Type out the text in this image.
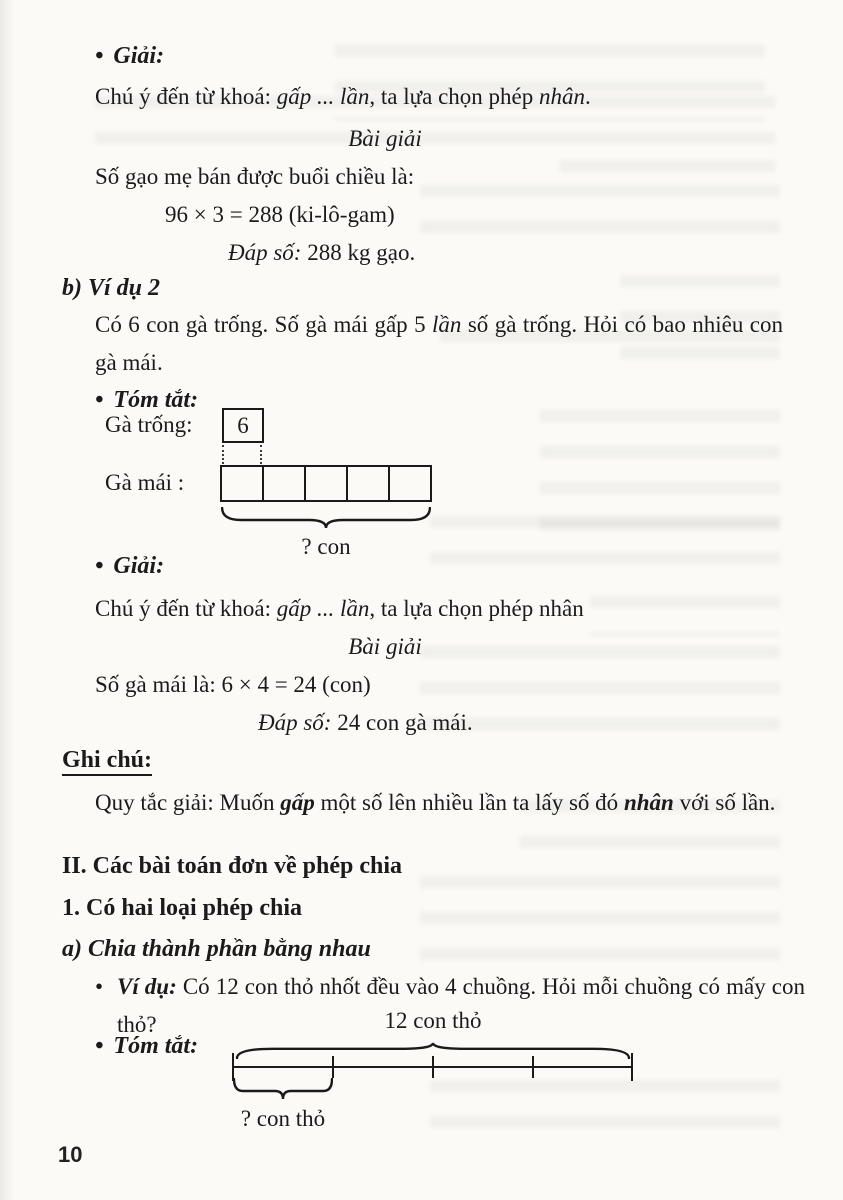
• Giải:
Chú ý đến từ khoá: gấp ... lần, ta lựa chọn phép nhân.
Bài giải
Số gạo mẹ bán được buổi chiều là:
96 × 3 = 288 (ki-lô-gam)
Đáp số: 288 kg gạo.
b) Ví dụ 2
Có 6 con gà trống. Số gà mái gấp 5 lần số gà trống. Hỏi có bao nhiêu con gà mái.
• Tóm tắt:
Gà trống:	6
Gà mái :
? con
• Giải:
Chú ý đến từ khoá: gấp ... lần, ta lựa chọn phép nhân
Bài giải
Số gà mái là: 6 × 4 = 24 (con)
Đáp số: 24 con gà mái.
Ghi chú:
Quy tắc giải: Muốn gấp một số lên nhiều lần ta lấy số đó nhân với số lần.
II. Các bài toán đơn về phép chia
1. Có hai loại phép chia
a) Chia thành phần bằng nhau
• Ví dụ: Có 12 con thỏ nhốt đều vào 4 chuồng. Hỏi mỗi chuồng có mấy con thỏ?	12 con thỏ
• Tóm tắt:
? con thỏ
10
